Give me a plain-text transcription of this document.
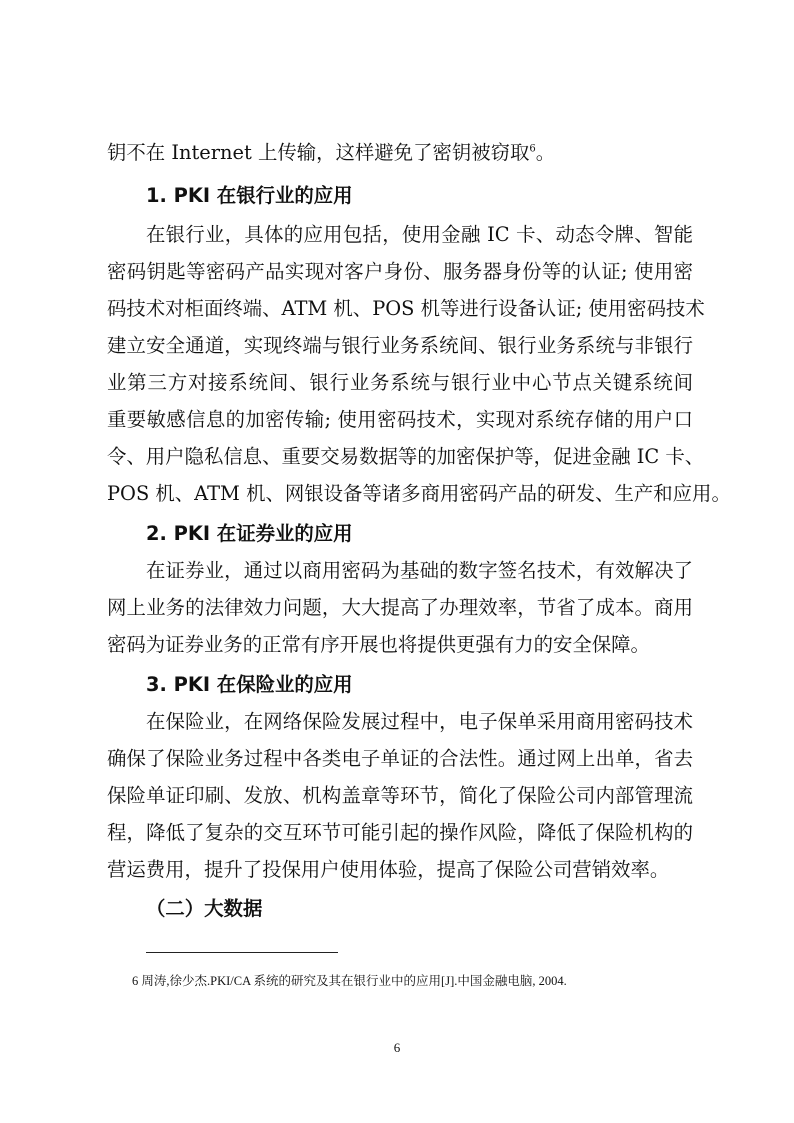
钥不在 Internet 上传输，这样避免了密钥被窃取$^6$。
1. PKI 在银行业的应用
在银行业，具体的应用包括，使用金融 IC 卡、动态令牌、智能
密码钥匙等密码产品实现对客户身份、服务器身份等的认证; 使用密
码技术对柜面终端、ATM 机、POS 机等进行设备认证; 使用密码技术
建立安全通道，实现终端与银行业务系统间、银行业务系统与非银行
业第三方对接系统间、银行业务系统与银行业中心节点关键系统间
重要敏感信息的加密传输; 使用密码技术，实现对系统存储的用户口
令、用户隐私信息、重要交易数据等的加密保护等，促进金融 IC 卡、
POS 机、ATM 机、网银设备等诸多商用密码产品的研发、生产和应用。
2. PKI 在证券业的应用
在证券业，通过以商用密码为基础的数字签名技术，有效解决了
网上业务的法律效力问题，大大提高了办理效率，节省了成本。商用
密码为证券业务的正常有序开展也将提供更强有力的安全保障。
3. PKI 在保险业的应用
在保险业，在网络保险发展过程中，电子保单采用商用密码技术
确保了保险业务过程中各类电子单证的合法性。通过网上出单，省去
保险单证印刷、发放、机构盖章等环节，简化了保险公司内部管理流
程，降低了复杂的交互环节可能引起的操作风险，降低了保险机构的
营运费用，提升了投保用户使用体验，提高了保险公司营销效率。
（二）大数据
6 周涛,徐少杰.PKI/CA 系统的研究及其在银行业中的应用[J].中国金融电脑, 2004.
6
